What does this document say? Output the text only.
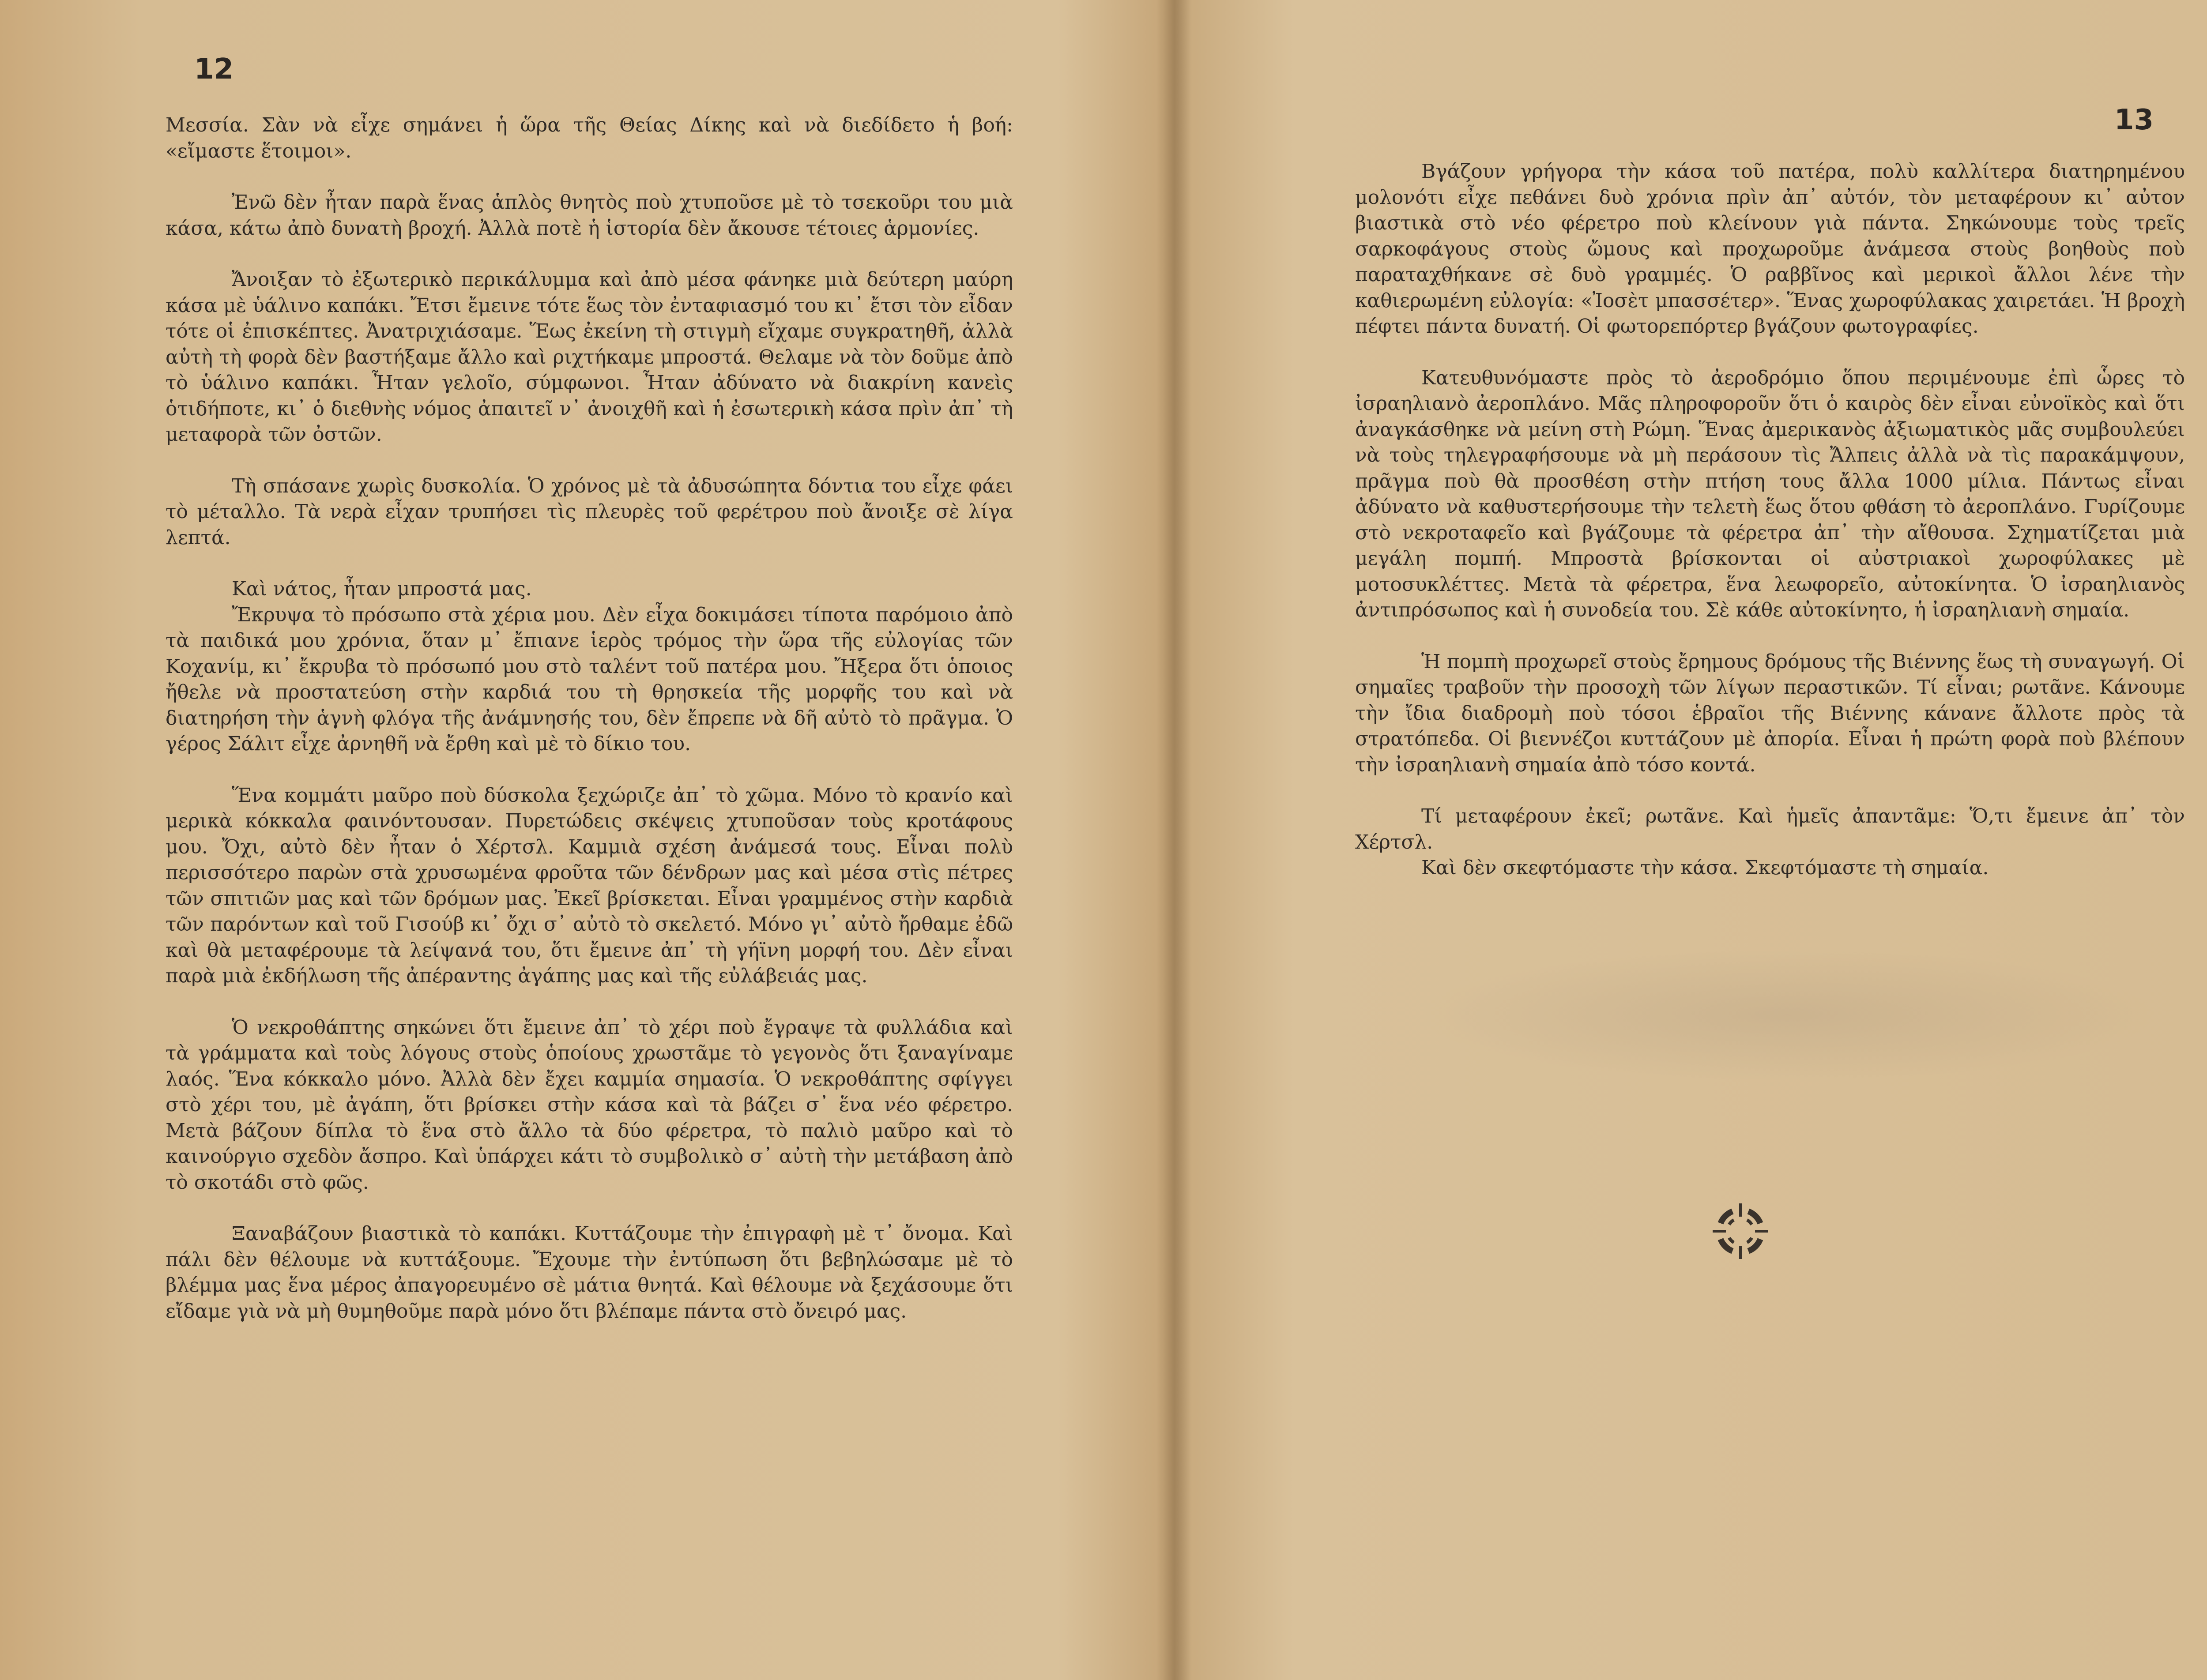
12

Μεσσία. Σὰν νὰ εἶχε σημάνει ἡ ὥρα τῆς Θείας Δίκης καὶ νὰ διεδίδετο ἡ βοή: «εἴμαστε ἕτοιμοι».

Ἐνῶ δὲν ἦταν παρὰ ἕνας ἁπλὸς θνητὸς ποὺ χτυποῦσε μὲ τὸ τσεκοῦρι του μιὰ κάσα, κάτω ἀπὸ δυνατὴ βροχή. Ἀλλὰ ποτὲ ἡ ἱστορία δὲν ἄκουσε τέτοιες ἁρμονίες.

Ἄνοιξαν τὸ ἐξωτερικὸ περικάλυμμα καὶ ἀπὸ μέσα φάνηκε μιὰ δεύτερη μαύρη κάσα μὲ ὑάλινο καπάκι. Ἔτσι ἔμεινε τότε ἕως τὸν ἐνταφιασμό του κι᾿ ἔτσι τὸν εἶδαν τότε οἱ ἐπισκέπτες. Ἀνατριχιάσαμε. Ἕως ἐκείνη τὴ στιγμὴ εἴχαμε συγκρατηθῆ, ἀλλὰ αὐτὴ τὴ φορὰ δὲν βαστήξαμε ἄλλο καὶ ριχτήκαμε μπροστά. Θελαμε νὰ τὸν δοῦμε ἀπὸ τὸ ὑάλινο καπάκι. Ἦταν γελοῖο, σύμφωνοι. Ἦταν ἀδύνατο νὰ διακρίνη κανεὶς ὁτιδήποτε, κι᾿ ὁ διεθνὴς νόμος ἀπαιτεῖ ν᾿ ἀνοιχθῆ καὶ ἡ ἐσωτερικὴ κάσα πρὶν ἀπ᾿ τὴ μεταφορὰ τῶν ὀστῶν.

Τὴ σπάσανε χωρὶς δυσκολία. Ὁ χρόνος μὲ τὰ ἀδυσώπητα δόντια του εἶχε φάει τὸ μέταλλο. Τὰ νερὰ εἶχαν τρυπήσει τὶς πλευρὲς τοῦ φερέτρου ποὺ ἄνοιξε σὲ λίγα λεπτά.

Καὶ νάτος, ἦταν μπροστά μας.

Ἔκρυψα τὸ πρόσωπο στὰ χέρια μου. Δὲν εἶχα δοκιμάσει τίποτα παρόμοιο ἀπὸ τὰ παιδικά μου χρόνια, ὅταν μ᾿ ἔπιανε ἱερὸς τρόμος τὴν ὥρα τῆς εὐλογίας τῶν Κοχανίμ, κι᾿ ἔκρυβα τὸ πρόσωπό μου στὸ ταλέντ τοῦ πατέρα μου. Ἤξερα ὅτι ὁποιος ἤθελε νὰ προστατεύση στὴν καρδιά του τὴ θρησκεία τῆς μορφῆς του καὶ νὰ διατηρήση τὴν ἁγνὴ φλόγα τῆς ἀνάμνησής του, δὲν ἔπρεπε νὰ δῆ αὐτὸ τὸ πρᾶγμα. Ὁ γέρος Σάλιτ εἶχε ἀρνηθῆ νὰ ἔρθη καὶ μὲ τὸ δίκιο του.

Ἕνα κομμάτι μαῦρο ποὺ δύσκολα ξεχώριζε ἀπ᾿ τὸ χῶμα. Μόνο τὸ κρανίο καὶ μερικὰ κόκκαλα φαινόντουσαν. Πυρετώδεις σκέψεις χτυποῦσαν τοὺς κροτάφους μου. Ὄχι, αὐτὸ δὲν ἦταν ὁ Χέρτσλ. Καμμιὰ σχέση ἀνάμεσά τους. Εἶναι πολὺ περισσότερο παρὼν στὰ χρυσωμένα φροῦτα τῶν δένδρων μας καὶ μέσα στὶς πέτρες τῶν σπιτιῶν μας καὶ τῶν δρόμων μας. Ἐκεῖ βρίσκεται. Εἶναι γραμμένος στὴν καρδιὰ τῶν παρόντων καὶ τοῦ Γισούβ κι᾿ ὄχι σ᾿ αὐτὸ τὸ σκελετό. Μόνο γι᾿ αὐτὸ ἤρθαμε ἐδῶ καὶ θὰ μεταφέρουμε τὰ λείψανά του, ὅτι ἔμεινε ἀπ᾿ τὴ γήϊνη μορφή του. Δὲν εἶναι παρὰ μιὰ ἐκδήλωση τῆς ἀπέραντης ἀγάπης μας καὶ τῆς εὐλάβειάς μας.

Ὁ νεκροθάπτης σηκώνει ὅτι ἔμεινε ἀπ᾿ τὸ χέρι ποὺ ἔγραψε τὰ φυλλάδια καὶ τὰ γράμματα καὶ τοὺς λόγους στοὺς ὁποίους χρωστᾶμε τὸ γεγονὸς ὅτι ξαναγίναμε λαός. Ἕνα κόκκαλο μόνο. Ἀλλὰ δὲν ἔχει καμμία σημασία. Ὁ νεκροθάπτης σφίγγει στὸ χέρι του, μὲ ἀγάπη, ὅτι βρίσκει στὴν κάσα καὶ τὰ βάζει σ᾿ ἕνα νέο φέρετρο. Μετὰ βάζουν δίπλα τὸ ἕνα στὸ ἄλλο τὰ δύο φέρετρα, τὸ παλιὸ μαῦρο καὶ τὸ καινούργιο σχεδὸν ἄσπρο. Καὶ ὑπάρχει κάτι τὸ συμβολικὸ σ᾿ αὐτὴ τὴν μετάβαση ἀπὸ τὸ σκοτάδι στὸ φῶς.

Ξαναβάζουν βιαστικὰ τὸ καπάκι. Κυττάζουμε τὴν ἐπιγραφὴ μὲ τ᾿ ὄνομα. Καὶ πάλι δὲν θέλουμε νὰ κυττάξουμε. Ἔχουμε τὴν ἐντύπωση ὅτι βεβηλώσαμε μὲ τὸ βλέμμα μας ἕνα μέρος ἀπαγορευμένο σὲ μάτια θνητά. Καὶ θέλουμε νὰ ξεχάσουμε ὅτι εἴδαμε γιὰ νὰ μὴ θυμηθοῦμε παρὰ μόνο ὅτι βλέπαμε πάντα στὸ ὄνειρό μας.

13

Βγάζουν γρήγορα τὴν κάσα τοῦ πατέρα, πολὺ καλλίτερα διατηρημένου μολονότι εἶχε πεθάνει δυὸ χρόνια πρὶν ἀπ᾿ αὐτόν, τὸν μεταφέρουν κι᾿ αὐτον βιαστικὰ στὸ νέο φέρετρο ποὺ κλείνουν γιὰ πάντα. Σηκώνουμε τοὺς τρεῖς σαρκοφάγους στοὺς ὤμους καὶ προχωροῦμε ἀνάμεσα στοὺς βοηθοὺς ποὺ παραταχθήκανε σὲ δυὸ γραμμές. Ὁ ραββῖνος καὶ μερικοὶ ἄλλοι λένε τὴν καθιερωμένη εὐλογία: «Ἰοσὲτ μπασσέτερ». Ἕνας χωροφύλακας χαιρετάει. Ἡ βροχὴ πέφτει πάντα δυνατή. Οἱ φωτορεπόρτερ βγάζουν φωτογραφίες.

Κατευθυνόμαστε πρὸς τὸ ἀεροδρόμιο ὅπου περιμένουμε ἐπὶ ὧρες τὸ ἰσραηλιανὸ ἀεροπλάνο. Μᾶς πληροφοροῦν ὅτι ὁ καιρὸς δὲν εἶναι εὐνοϊκὸς καὶ ὅτι ἀναγκάσθηκε νὰ μείνη στὴ Ρώμη. Ἕνας ἀμερικανὸς ἀξιωματικὸς μᾶς συμβουλεύει νὰ τοὺς τηλεγραφήσουμε νὰ μὴ περάσουν τὶς Ἄλπεις ἀλλὰ νὰ τὶς παρακάμψουν, πρᾶγμα ποὺ θὰ προσθέση στὴν πτήση τους ἄλλα 1000 μίλια. Πάντως εἶναι ἀδύνατο νὰ καθυστερήσουμε τὴν τελετὴ ἕως ὅτου φθάση τὸ ἀεροπλάνο. Γυρίζουμε στὸ νεκροταφεῖο καὶ βγάζουμε τὰ φέρετρα ἀπ᾿ τὴν αἴθουσα. Σχηματίζεται μιὰ μεγάλη πομπή. Μπροστὰ βρίσκονται οἱ αὐστριακοὶ χωροφύλακες μὲ μοτοσυκλέττες. Μετὰ τὰ φέρετρα, ἕνα λεωφορεῖο, αὐτοκίνητα. Ὁ ἰσραηλιανὸς ἀντιπρόσωπος καὶ ἡ συνοδεία του. Σὲ κάθε αὐτοκίνητο, ἡ ἰσραηλιανὴ σημαία.

Ἡ πομπὴ προχωρεῖ στοὺς ἔρημους δρόμους τῆς Βιέννης ἕως τὴ συναγωγή. Οἱ σημαῖες τραβοῦν τὴν προσοχὴ τῶν λίγων περαστικῶν. Τί εἶναι; ρωτᾶνε. Κάνουμε τὴν ἴδια διαδρομὴ ποὺ τόσοι ἑβραῖοι τῆς Βιέννης κάνανε ἄλλοτε πρὸς τὰ στρατόπεδα. Οἱ βιεννέζοι κυττάζουν μὲ ἀπορία. Εἶναι ἡ πρώτη φορὰ ποὺ βλέπουν τὴν ἰσραηλιανὴ σημαία ἀπὸ τόσο κοντά.

Τί μεταφέρουν ἐκεῖ; ρωτᾶνε. Καὶ ἡμεῖς ἀπαντᾶμε: Ὅ,τι ἔμεινε ἀπ᾿ τὸν Χέρτσλ.

Καὶ δὲν σκεφτόμαστε τὴν κάσα. Σκεφτόμαστε τὴ σημαία.
